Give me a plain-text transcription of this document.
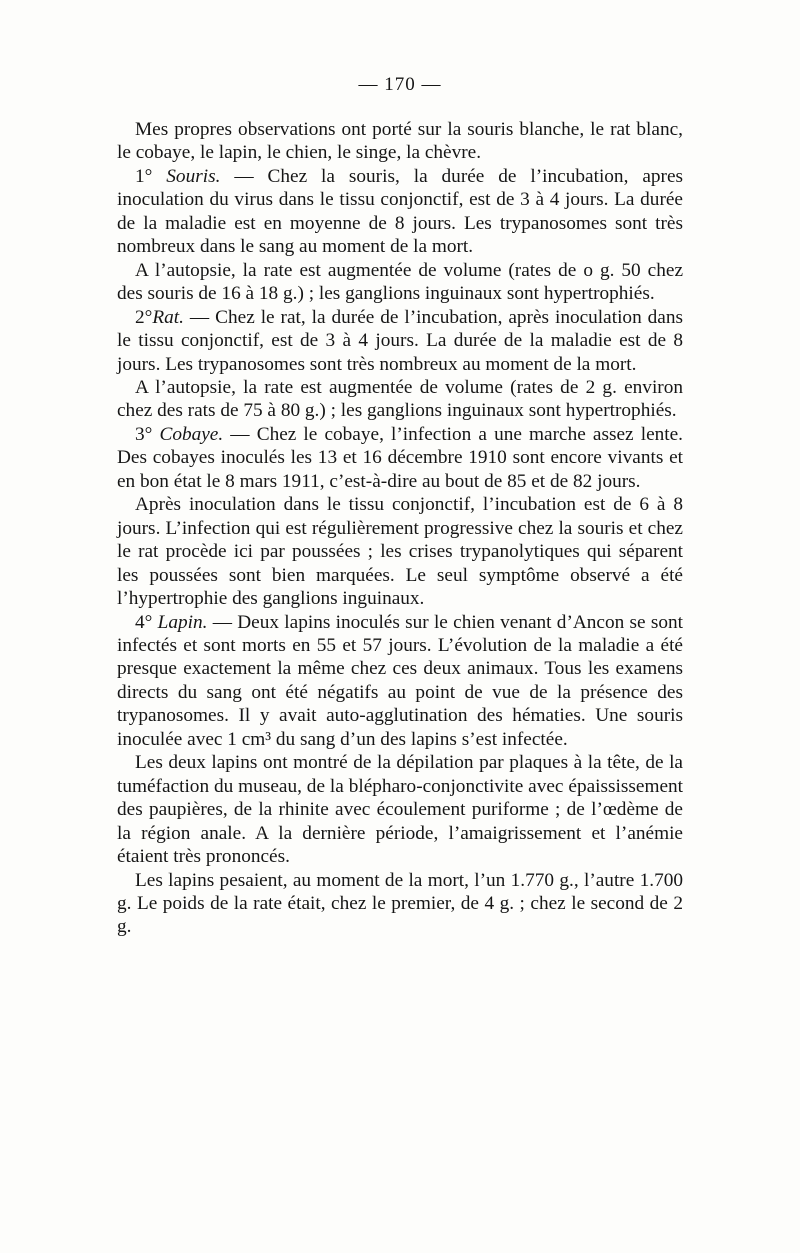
— 170 —

Mes propres observations ont porté sur la souris blanche, le rat blanc, le cobaye, le lapin, le chien, le singe, la chèvre.

1° Souris. — Chez la souris, la durée de l’incubation, apres inoculation du virus dans le tissu conjonctif, est de 3 à 4 jours. La durée de la maladie est en moyenne de 8 jours. Les trypanosomes sont très nombreux dans le sang au moment de la mort.

A l’autopsie, la rate est augmentée de volume (rates de o g. 50 chez des souris de 16 à 18 g.) ; les ganglions inguinaux sont hypertrophiés.

2°Rat. — Chez le rat, la durée de l’incubation, après inoculation dans le tissu conjonctif, est de 3 à 4 jours. La durée de la maladie est de 8 jours. Les trypanosomes sont très nombreux au moment de la mort.

A l’autopsie, la rate est augmentée de volume (rates de 2 g. environ chez des rats de 75 à 80 g.) ; les ganglions inguinaux sont hypertrophiés.

3° Cobaye. — Chez le cobaye, l’infection a une marche assez lente. Des cobayes inoculés les 13 et 16 décembre 1910 sont encore vivants et en bon état le 8 mars 1911, c’est-à-dire au bout de 85 et de 82 jours.

Après inoculation dans le tissu conjonctif, l’incubation est de 6 à 8 jours. L’infection qui est régulièrement progressive chez la souris et chez le rat procède ici par poussées ; les crises trypanolytiques qui séparent les poussées sont bien marquées. Le seul symptôme observé a été l’hypertrophie des ganglions inguinaux.

4° Lapin. — Deux lapins inoculés sur le chien venant d’Ancon se sont infectés et sont morts en 55 et 57 jours. L’évolution de la maladie a été presque exactement la même chez ces deux animaux. Tous les examens directs du sang ont été négatifs au point de vue de la présence des trypanosomes. Il y avait auto-agglutination des hématies. Une souris inoculée avec 1 cm³ du sang d’un des lapins s’est infectée.

Les deux lapins ont montré de la dépilation par plaques à la tête, de la tuméfaction du museau, de la blépharo-conjonctivite avec épaississement des paupières, de la rhinite avec écoulement puriforme ; de l’œdème de la région anale. A la dernière période, l’amaigrissement et l’anémie étaient très prononcés.

Les lapins pesaient, au moment de la mort, l’un 1.770 g., l’autre 1.700 g. Le poids de la rate était, chez le premier, de 4 g. ; chez le second de 2 g.
